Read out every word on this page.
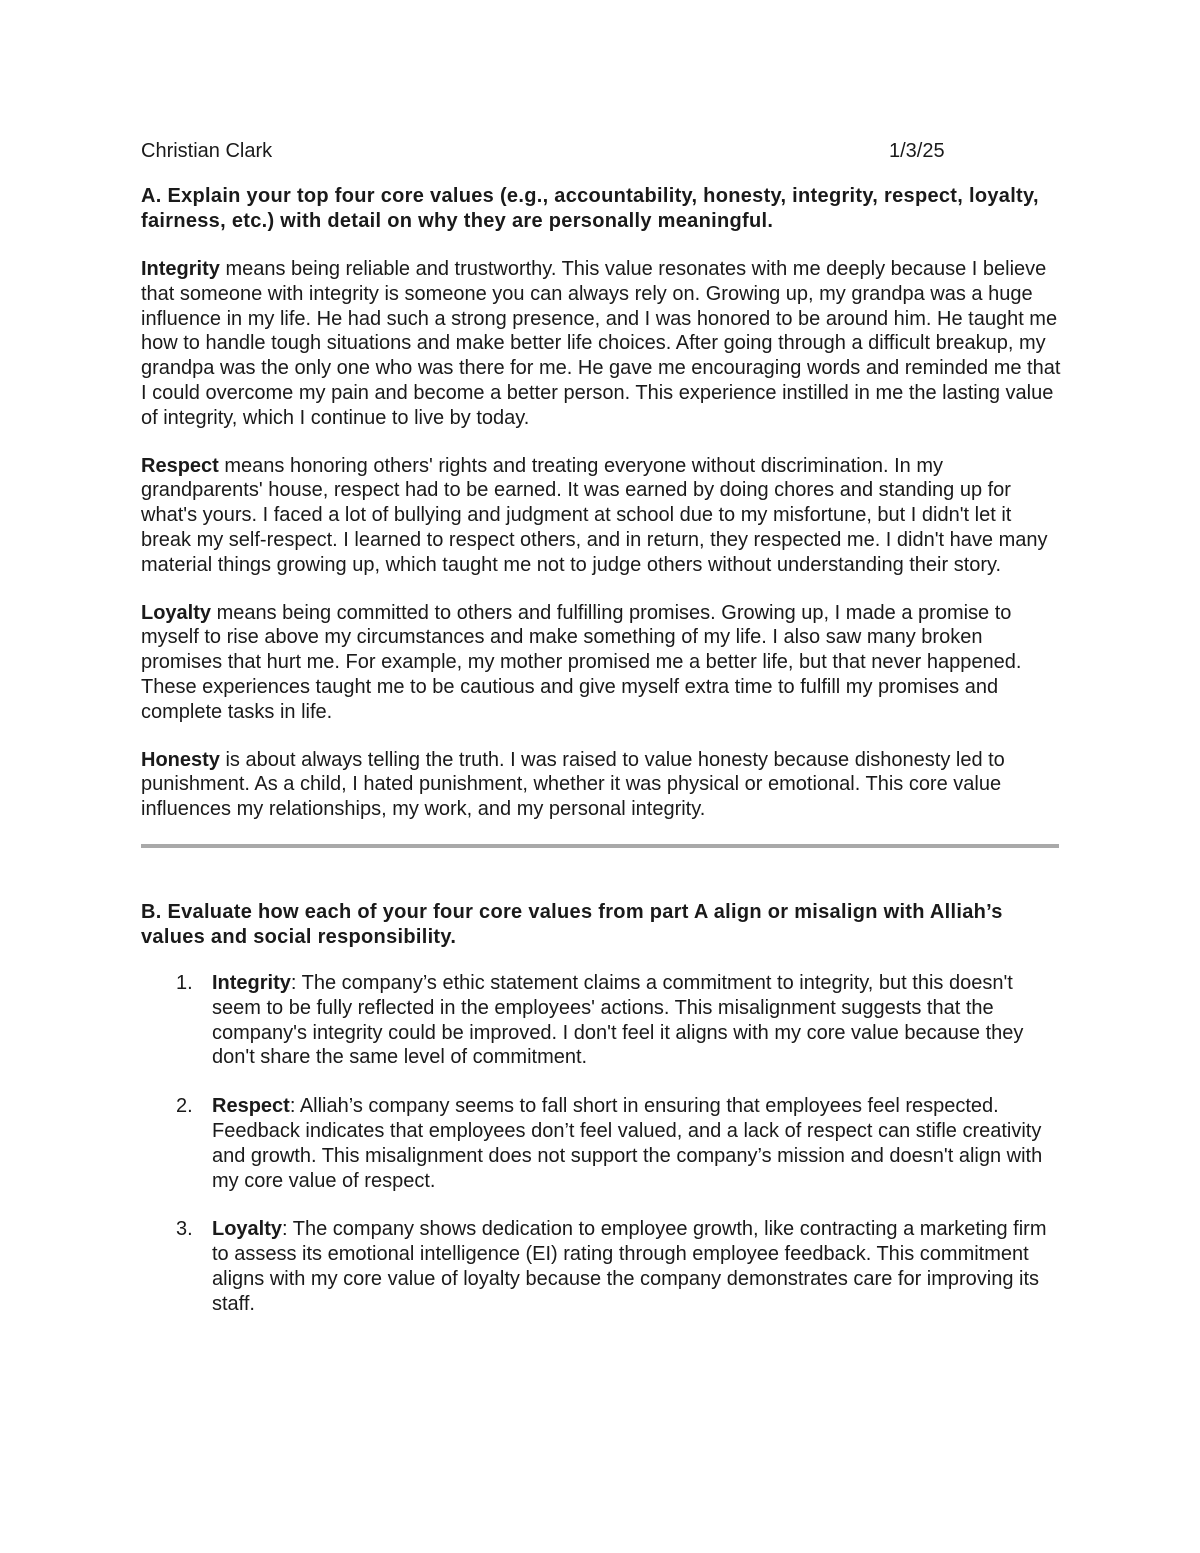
Christian Clark	1/3/25

A. Explain your top four core values (e.g., accountability, honesty, integrity, respect, loyalty, fairness, etc.) with detail on why they are personally meaningful.

Integrity means being reliable and trustworthy. This value resonates with me deeply because I believe that someone with integrity is someone you can always rely on. Growing up, my grandpa was a huge influence in my life. He had such a strong presence, and I was honored to be around him. He taught me how to handle tough situations and make better life choices. After going through a difficult breakup, my grandpa was the only one who was there for me. He gave me encouraging words and reminded me that I could overcome my pain and become a better person. This experience instilled in me the lasting value of integrity, which I continue to live by today.

Respect means honoring others' rights and treating everyone without discrimination. In my grandparents' house, respect had to be earned. It was earned by doing chores and standing up for what's yours. I faced a lot of bullying and judgment at school due to my misfortune, but I didn't let it break my self-respect. I learned to respect others, and in return, they respected me. I didn't have many material things growing up, which taught me not to judge others without understanding their story.

Loyalty means being committed to others and fulfilling promises. Growing up, I made a promise to myself to rise above my circumstances and make something of my life. I also saw many broken promises that hurt me. For example, my mother promised me a better life, but that never happened. These experiences taught me to be cautious and give myself extra time to fulfill my promises and complete tasks in life.

Honesty is about always telling the truth. I was raised to value honesty because dishonesty led to punishment. As a child, I hated punishment, whether it was physical or emotional. This core value influences my relationships, my work, and my personal integrity.

B. Evaluate how each of your four core values from part A align or misalign with Alliah’s values and social responsibility.

1. Integrity: The company’s ethic statement claims a commitment to integrity, but this doesn't seem to be fully reflected in the employees' actions. This misalignment suggests that the company's integrity could be improved. I don't feel it aligns with my core value because they don't share the same level of commitment.
2. Respect: Alliah’s company seems to fall short in ensuring that employees feel respected. Feedback indicates that employees don’t feel valued, and a lack of respect can stifle creativity and growth. This misalignment does not support the company’s mission and doesn't align with my core value of respect.
3. Loyalty: The company shows dedication to employee growth, like contracting a marketing firm to assess its emotional intelligence (EI) rating through employee feedback. This commitment aligns with my core value of loyalty because the company demonstrates care for improving its staff.
